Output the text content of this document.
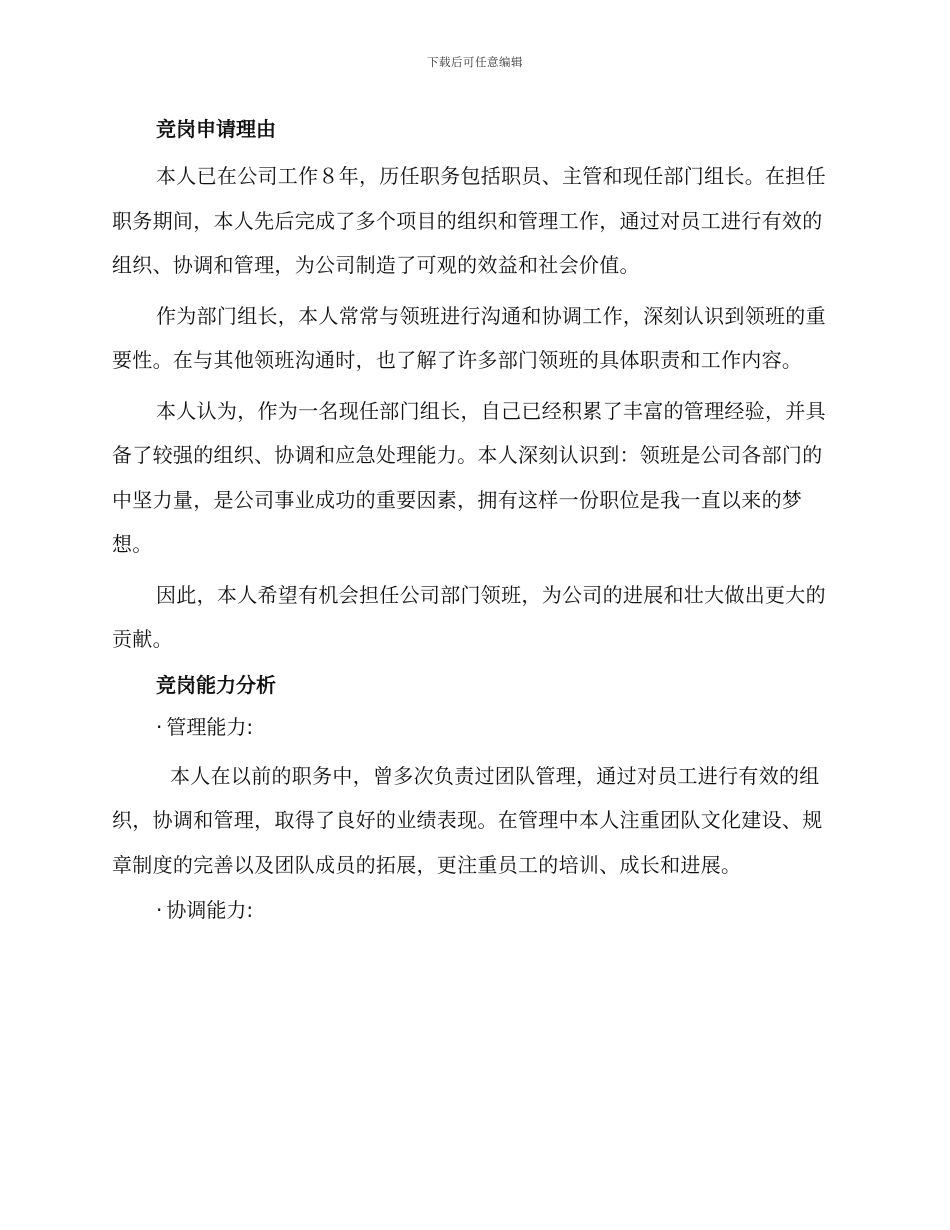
下载后可任意编辑
竞岗申请理由

本人已在公司工作８年，历任职务包括职员、主管和现任部门组长。在担任职务期间，本人先后完成了多个项目的组织和管理工作，通过对员工进行有效的组织、协调和管理，为公司制造了可观的效益和社会价值。

作为部门组长，本人常常与领班进行沟通和协调工作，深刻认识到领班的重要性。在与其他领班沟通时，也了解了许多部门领班的具体职责和工作内容。

本人认为，作为一名现任部门组长，自己已经积累了丰富的管理经验，并具备了较强的组织、协调和应急处理能力。本人深刻认识到：领班是公司各部门的中坚力量，是公司事业成功的重要因素，拥有这样一份职位是我一直以来的梦想。

因此，本人希望有机会担任公司部门领班，为公司的进展和壮大做出更大的贡献。

竞岗能力分析
· 管理能力:

本人在以前的职务中，曾多次负责过团队管理，通过对员工进行有效的组织，协调和管理，取得了良好的业绩表现。在管理中本人注重团队文化建设、规章制度的完善以及团队成员的拓展，更注重员工的培训、成长和进展。

· 协调能力:
